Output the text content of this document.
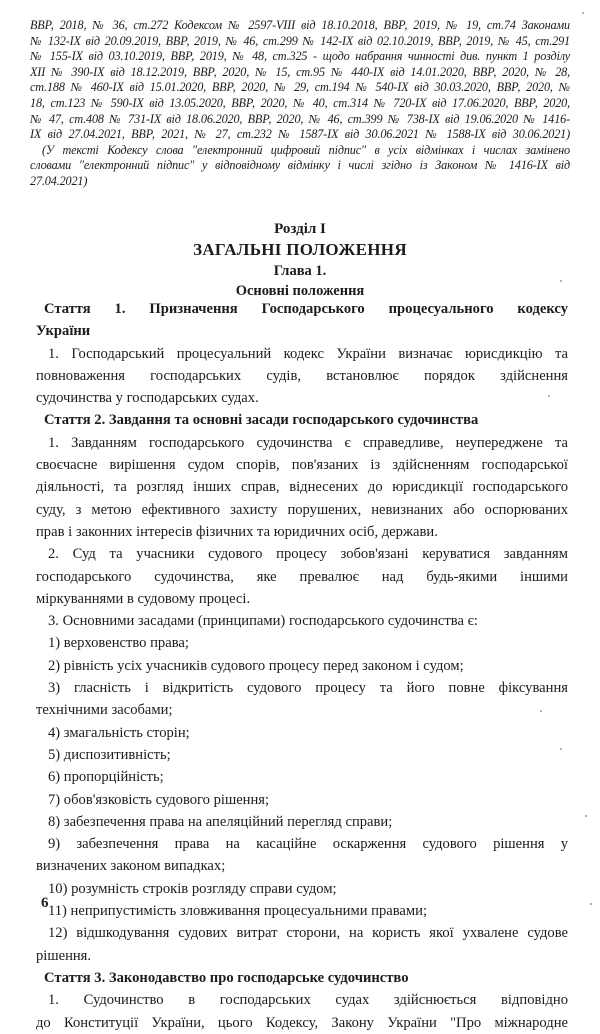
ВВР, 2018, № 36, ст.272 Кодексом № 2597-VIII від 18.10.2018, ВВР, 2019, № 19, ст.74 Законами
№ 132-IX від 20.09.2019, ВВР, 2019, № 46, ст.299 № 142-IX від 02.10.2019, ВВР, 2019, № 45, ст.291
№ 155-IX від 03.10.2019, ВВР, 2019, № 48, ст.325 - щодо набрання чинності див. пункт 1 розділу
XII № 390-IX від 18.12.2019, ВВР, 2020, № 15, ст.95 № 440-IX від 14.01.2020, ВВР, 2020, № 28,
ст.188 № 460-IX від 15.01.2020, ВВР, 2020, № 29, ст.194 № 540-IX від 30.03.2020, ВВР, 2020, №
18, ст.123 № 590-IX від 13.05.2020, ВВР, 2020, № 40, ст.314 № 720-IX від 17.06.2020, ВВР, 2020,
№ 47, ст.408 № 731-IX від 18.06.2020, ВВР, 2020, № 46, ст.399 № 738-IX від 19.06.2020 № 1416-
IX від 27.04.2021, ВВР, 2021, № 27, ст.232 № 1587-IX від 30.06.2021 № 1588-IX від 30.06.2021)
(У тексті Кодексу слова "електронний цифровий підпис" в усіх відмінках і числах замінено
словами "електронний підпис" у відповідному відмінку і числі згідно із Законом № 1416-IX від
27.04.2021)
Розділ I
ЗАГАЛЬНІ ПОЛОЖЕННЯ
Глава 1.
Основні положення
Стаття 1. Призначення Господарського процесуального кодексу
України
1. Господарський процесуальний кодекс України визначає юрисдикцію та
повноваження господарських судів, встановлює порядок здійснення
судочинства у господарських судах.
Стаття 2. Завдання та основні засади господарського судочинства
1. Завданням господарського судочинства є справедливе, неупереджене та
своєчасне вирішення судом спорів, пов'язаних із здійсненням господарської
діяльності, та розгляд інших справ, віднесених до юрисдикції господарського
суду, з метою ефективного захисту порушених, невизнаних або оспорюваних
прав і законних інтересів фізичних та юридичних осіб, держави.
2. Суд та учасники судового процесу зобов'язані керуватися завданням
господарського судочинства, яке превалює над будь-якими іншими
міркуваннями в судовому процесі.
3. Основними засадами (принципами) господарського судочинства є:
1) верховенство права;
2) рівність усіх учасників судового процесу перед законом і судом;
3) гласність і відкритість судового процесу та його повне фіксування
технічними засобами;
4) змагальність сторін;
5) диспозитивність;
6) пропорційність;
7) обов'язковість судового рішення;
8) забезпечення права на апеляційний перегляд справи;
9) забезпечення права на касаційне оскарження судового рішення у
визначених законом випадках;
10) розумність строків розгляду справи судом;
11) неприпустимість зловживання процесуальними правами;
12) відшкодування судових витрат сторони, на користь якої ухвалене судове
рішення.
Стаття 3. Законодавство про господарське судочинство
1. Судочинство в господарських судах здійснюється відповідно
до Конституції України, цього Кодексу, Закону України "Про міжнародне
6
